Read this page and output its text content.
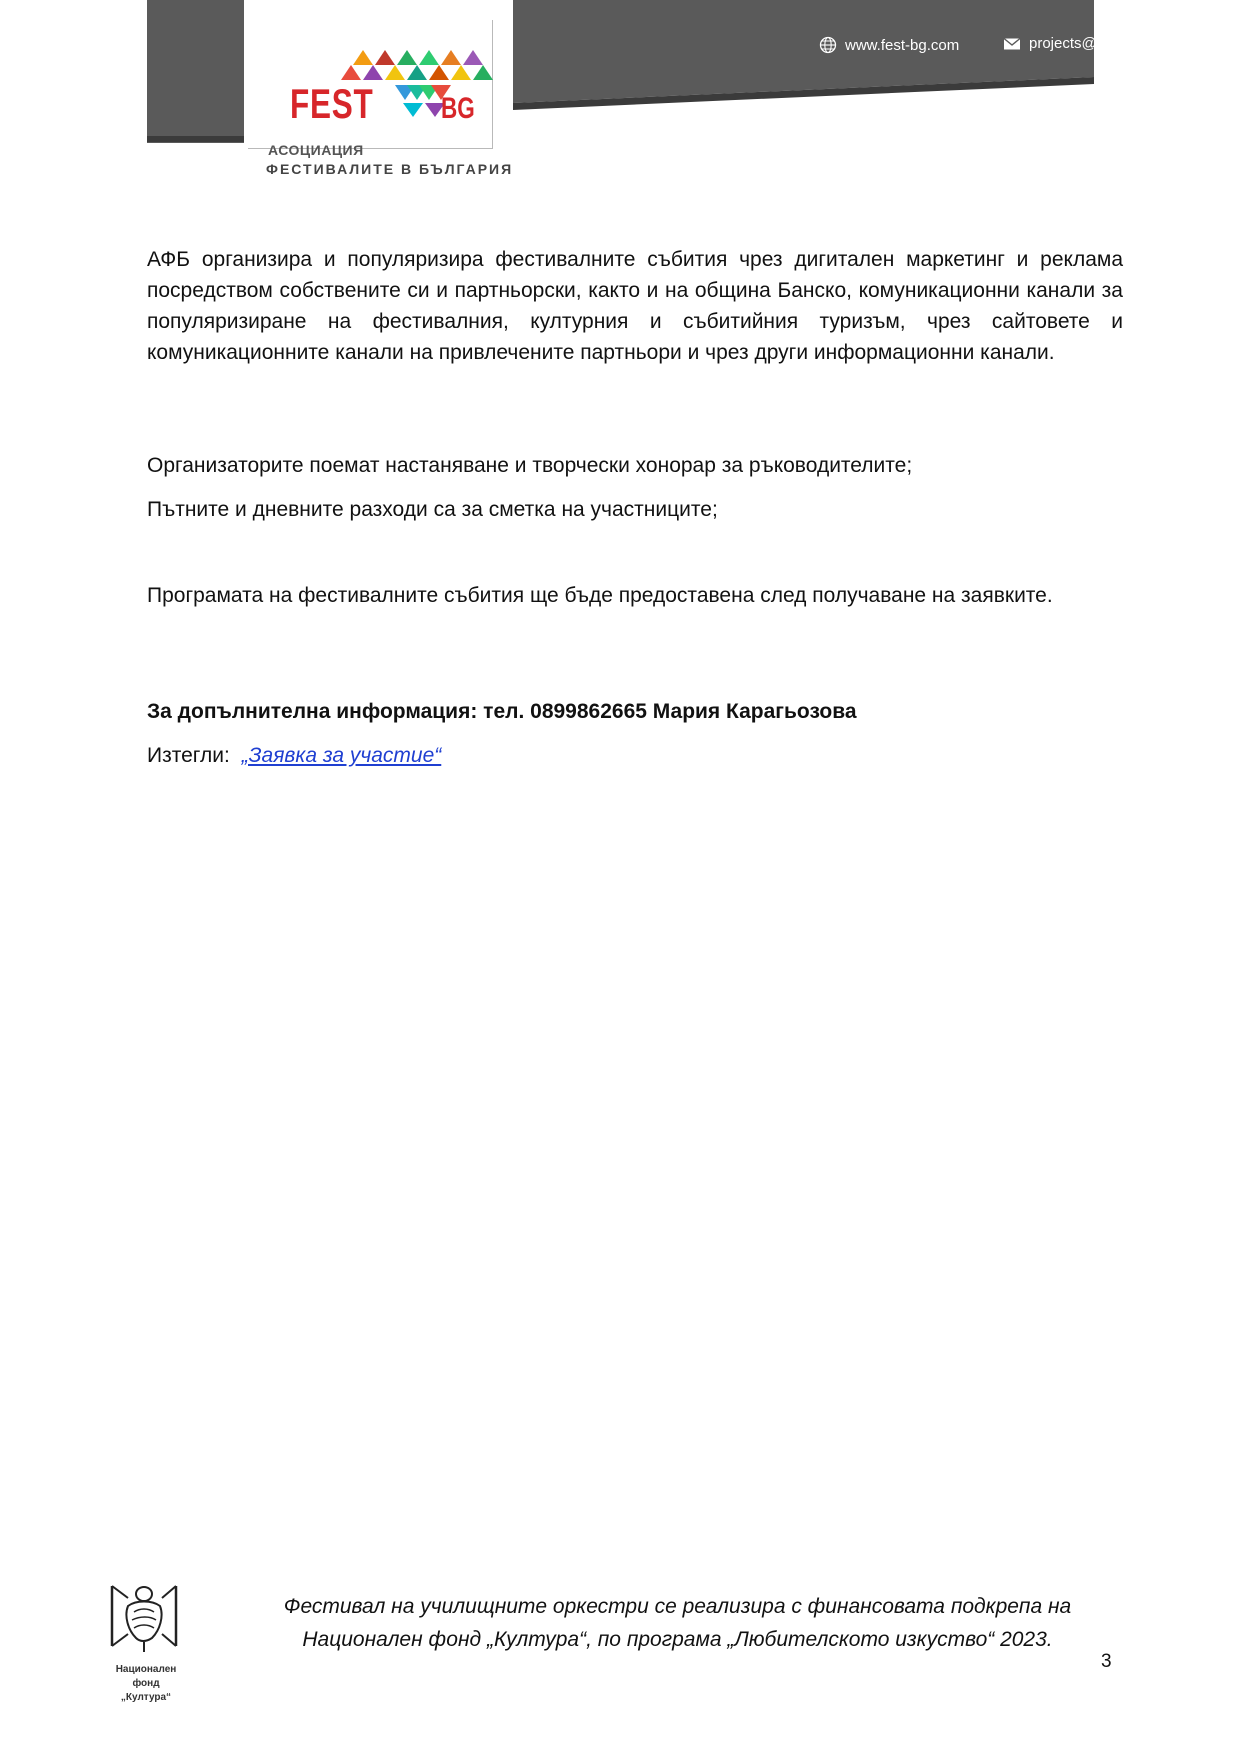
www.fest-bg.com	projects@fest-bg.com
FEST BG
АСОЦИАЦИЯ
ФЕСТИВАЛИТЕ В БЪЛГАРИЯ

АФБ организира и популяризира фестивалните събития чрез дигитален маркетинг и реклама посредством собствените си и партньорски, както и на община Банско, комуникационни канали за популяризиране на фестивалния, културния и събитийния туризъм, чрез сайтовете и комуникационните канали на привлечените партньори и чрез други информационни канали.

Организаторите поемат настаняване и творчески хонорар за ръководителите;

Пътните и дневните разходи са за сметка на участниците;

Програмата на фестивалните събития ще бъде предоставена след получаване на заявките.

За допълнителна информация: тел. 0899862665 Мария Карагьозова

Изтегли: „Заявка за участие“

Национален
фонд
„Култура“
Фестивал на училищните оркестри се реализира с финансовата подкрепа на
Национален фонд „Култура“, по програма „Любителското изкуство“ 2023.
3
